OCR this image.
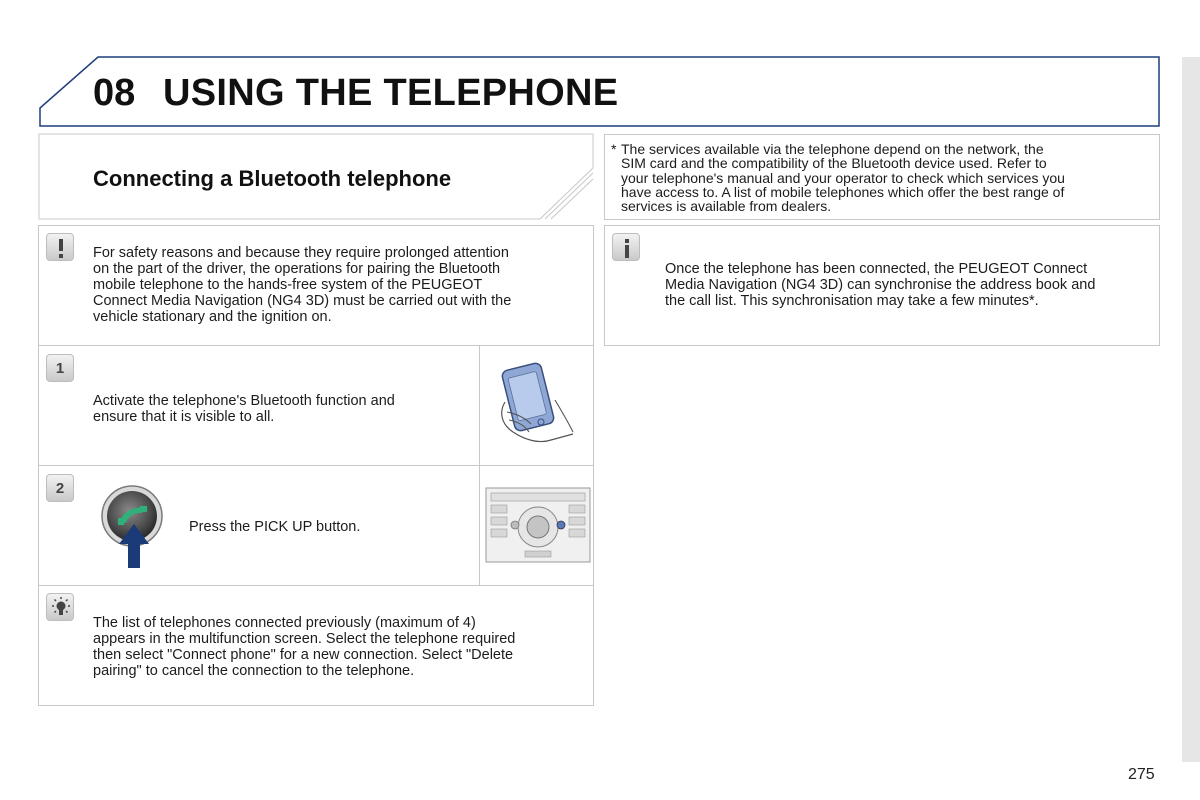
08 USING THE TELEPHONE
Connecting a Bluetooth telephone
* The services available via the telephone depend on the network, the
SIM card and the compatibility of the Bluetooth device used. Refer to
your telephone's manual and your operator to check which services you
have access to. A list of mobile telephones which offer the best range of
services is available from dealers.
For safety reasons and because they require prolonged attention
on the part of the driver, the operations for pairing the Bluetooth
mobile telephone to the hands-free system of the PEUGEOT
Connect Media Navigation (NG4 3D) must be carried out with the
vehicle stationary and the ignition on.
Once the telephone has been connected, the PEUGEOT Connect
Media Navigation (NG4 3D) can synchronise the address book and
the call list. This synchronisation may take a few minutes*.
1
Activate the telephone's Bluetooth function and
ensure that it is visible to all.
2
Press the PICK UP button.
The list of telephones connected previously (maximum of 4)
appears in the multifunction screen. Select the telephone required
then select "Connect phone" for a new connection. Select "Delete
pairing" to cancel the connection to the telephone.
275
